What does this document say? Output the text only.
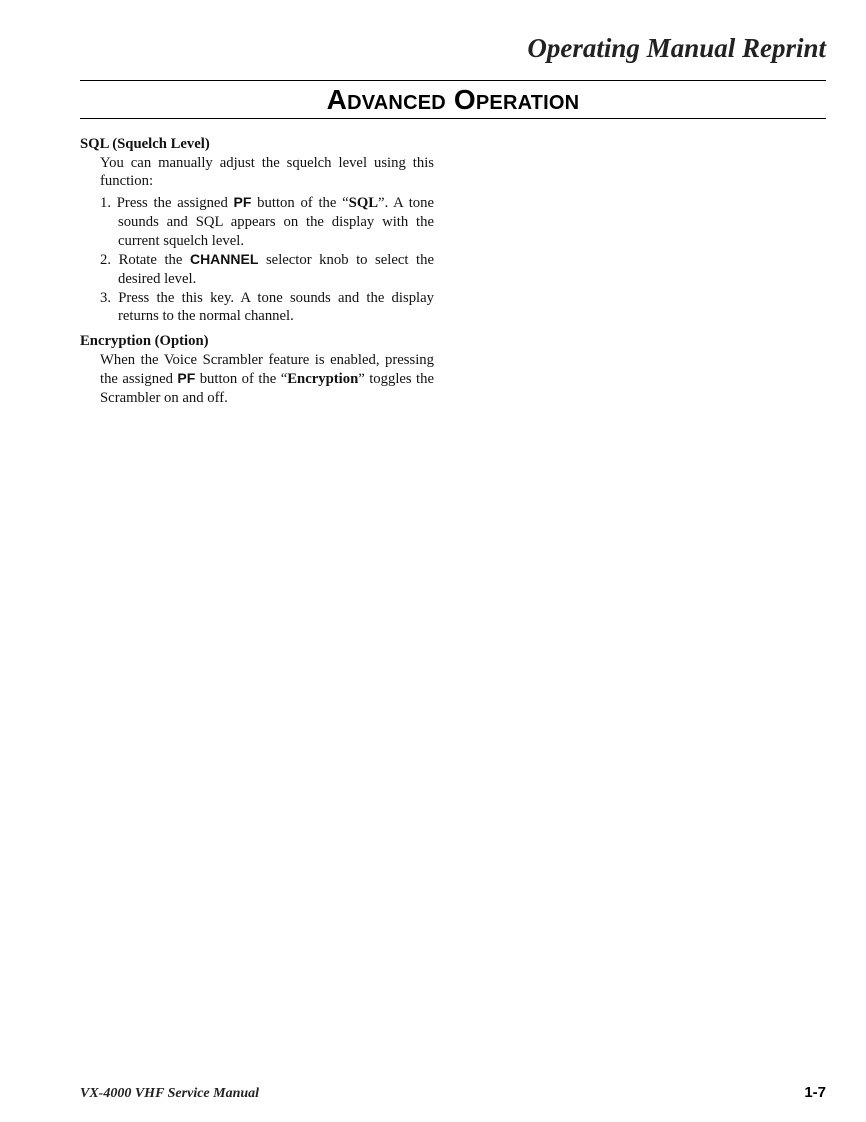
Operating Manual Reprint
Advanced Operation

SQL (Squelch Level)

You can manually adjust the squelch level using this function:

1. Press the assigned PF button of the “SQL”. A tone sounds and SQL appears on the display with the current squelch level.
2. Rotate the CHANNEL selector knob to select the desired level.
3. Press the this key. A tone sounds and the display returns to the normal channel.

Encryption (Option)

When the Voice Scrambler feature is enabled, pressing the assigned PF button of the “Encryption” toggles the Scrambler on and off.

VX-4000 VHF Service Manual	1-7
